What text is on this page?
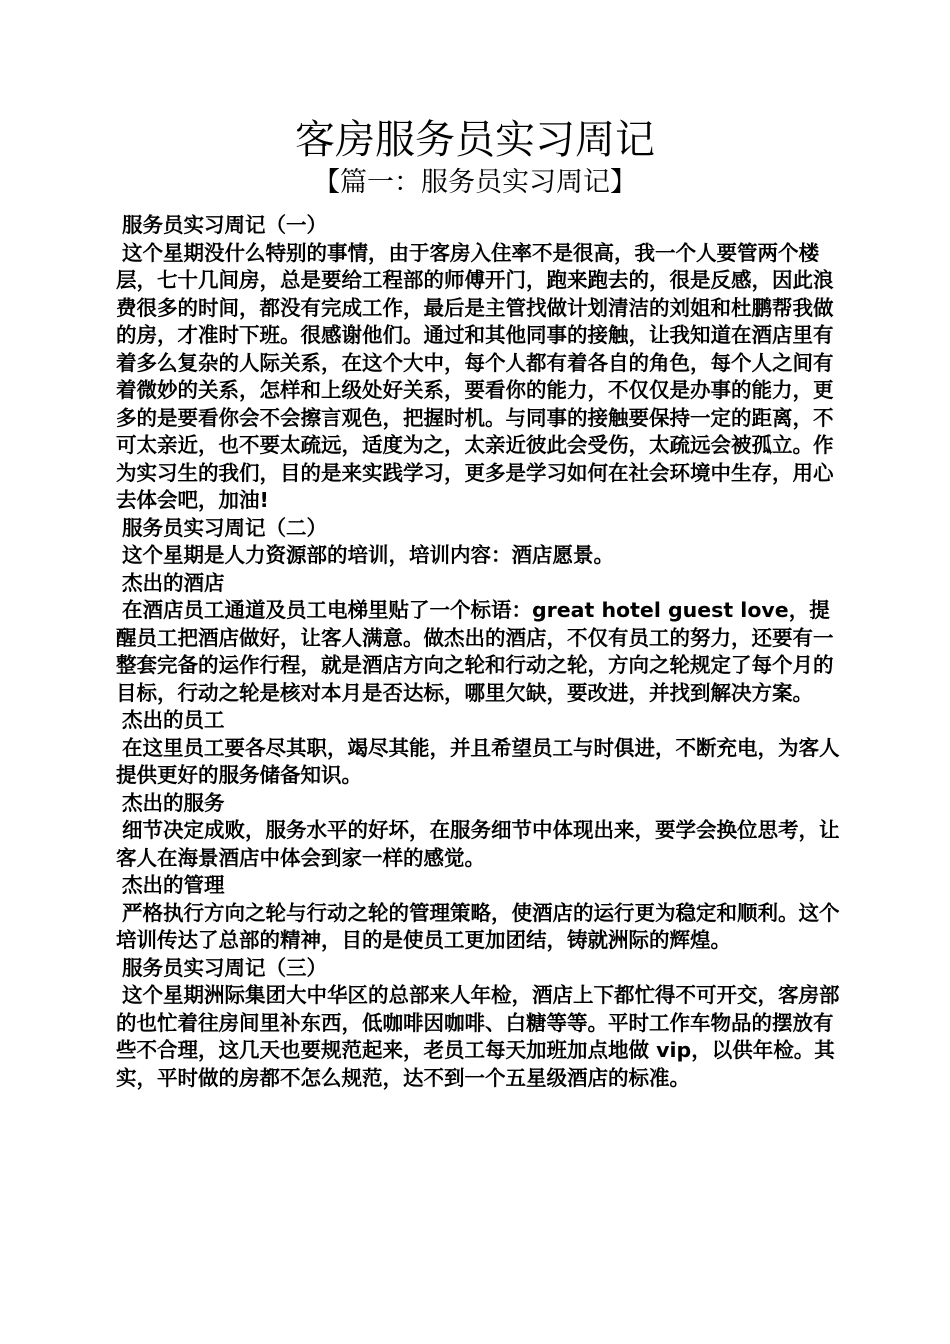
客房服务员实习周记
【篇一：服务员实习周记】

服务员实习周记（一）

这个星期没什么特别的事情，由于客房入住率不是很高，我一个人要管两个楼层，七十几间房，总是要给工程部的师傅开门，跑来跑去的，很是反感，因此浪费很多的时间，都没有完成工作，最后是主管找做计划清洁的刘姐和杜鹏帮我做的房，才准时下班。很感谢他们。通过和其他同事的接触，让我知道在酒店里有着多么复杂的人际关系，在这个大中，每个人都有着各自的角色，每个人之间有着微妙的关系，怎样和上级处好关系，要看你的能力，不仅仅是办事的能力，更多的是要看你会不会擦言观色，把握时机。与同事的接触要保持一定的距离，不可太亲近，也不要太疏远，适度为之，太亲近彼此会受伤，太疏远会被孤立。作为实习生的我们，目的是来实践学习，更多是学习如何在社会环境中生存，用心去体会吧，加油!

服务员实习周记（二）

这个星期是人力资源部的培训，培训内容：酒店愿景。

杰出的酒店

在酒店员工通道及员工电梯里贴了一个标语：great hotel guest love，提醒员工把酒店做好，让客人满意。做杰出的酒店，不仅有员工的努力，还要有一整套完备的运作行程，就是酒店方向之轮和行动之轮，方向之轮规定了每个月的目标，行动之轮是核对本月是否达标，哪里欠缺，要改进，并找到解决方案。

杰出的员工

在这里员工要各尽其职，竭尽其能，并且希望员工与时俱进，不断充电，为客人提供更好的服务储备知识。

杰出的服务

细节决定成败，服务水平的好坏，在服务细节中体现出来，要学会换位思考，让客人在海景酒店中体会到家一样的感觉。

杰出的管理

严格执行方向之轮与行动之轮的管理策略，使酒店的运行更为稳定和顺利。这个培训传达了总部的精神，目的是使员工更加团结，铸就洲际的辉煌。

服务员实习周记（三）

这个星期洲际集团大中华区的总部来人年检，酒店上下都忙得不可开交，客房部的也忙着往房间里补东西，低咖啡因咖啡、白糖等等。平时工作车物品的摆放有些不合理，这几天也要规范起来，老员工每天加班加点地做 vip，以供年检。其实，平时做的房都不怎么规范，达不到一个五星级酒店的标准。
